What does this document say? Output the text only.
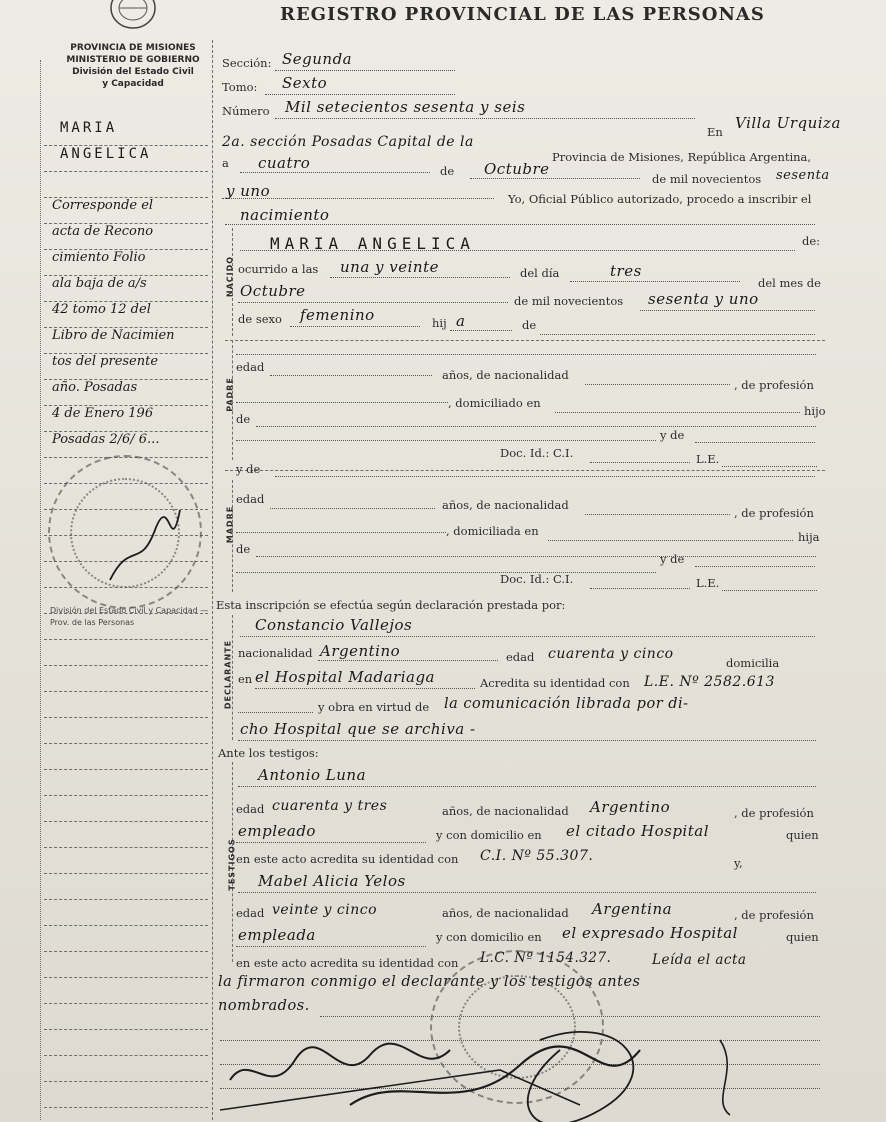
REGISTRO PROVINCIAL DE LAS PERSONAS
PROVINCIA DE MISIONES
MINISTERIO DE GOBIERNO
División del Estado Civil
y Capacidad
MARIA
ANGELICA
Corresponde el
acta de Recono
cimiento Folio
ala baja de a/s
42 tomo 12 del
Libro de Nacimien
tos del presente
año. Posadas
4 de Enero 196
Posadas 2/6/ 6...
División del Estado Civil y Capacidad — Prov. de las Personas
Sección: Segunda
Tomo: Sexto
Número Mil setecientos sesenta y seis
En Villa Urquiza
2a. sección Posadas Capital de la
Provincia de Misiones, República Argentina,
a cuatro	de Octubre
de mil novecientos sesenta
y uno	Yo, Oficial Público autorizado, procedo a inscribir el
nacimiento
NACIDO
MARIA ANGELICA	de:
ocurrido a las una y veinte	del día	tres
del mes de
Octubre
de mil novecientos sesenta y uno
de sexo femenino	hij a	de
PADRE
edad
años, de nacionalidad
, de profesión
, domiciliado en
hijo
de
y de
Doc. Id.: C.I.	L.E.
y de
MADRE
edad	años, de nacionalidad
, de profesión
, domiciliada en	hija
de
y de
Doc. Id.: C.I.	L.E.
Esta inscripción se efectúa según declaración prestada por:
DECLARANTE
Constancio Vallejos
nacionalidad Argentino	edad cuarenta y cinco
domicilia
en el Hospital Madariaga	Acredita su identidad con L.E. Nº 2582.613
y obra en virtud de la comunicación librada por di-
cho Hospital que se archiva -
Ante los testigos:
TESTIGOS
Antonio Luna
edad cuarenta y tres	años, de nacionalidad Argentino	, de profesión
empleado	y con domicilio en el citado Hospital	quien
en este acto acredita su identidad con C.I. Nº 55.307.	y,
Mabel Alicia Yelos
edad veinte y cinco	años, de nacionalidad Argentina	, de profesión
empleada	y con domicilio en el expresado Hospital	quien
en este acto acredita su identidad con L.C. Nº 1154.327.	Leída el acta
la firmaron conmigo el declarante y los testigos antes
nombrados.
